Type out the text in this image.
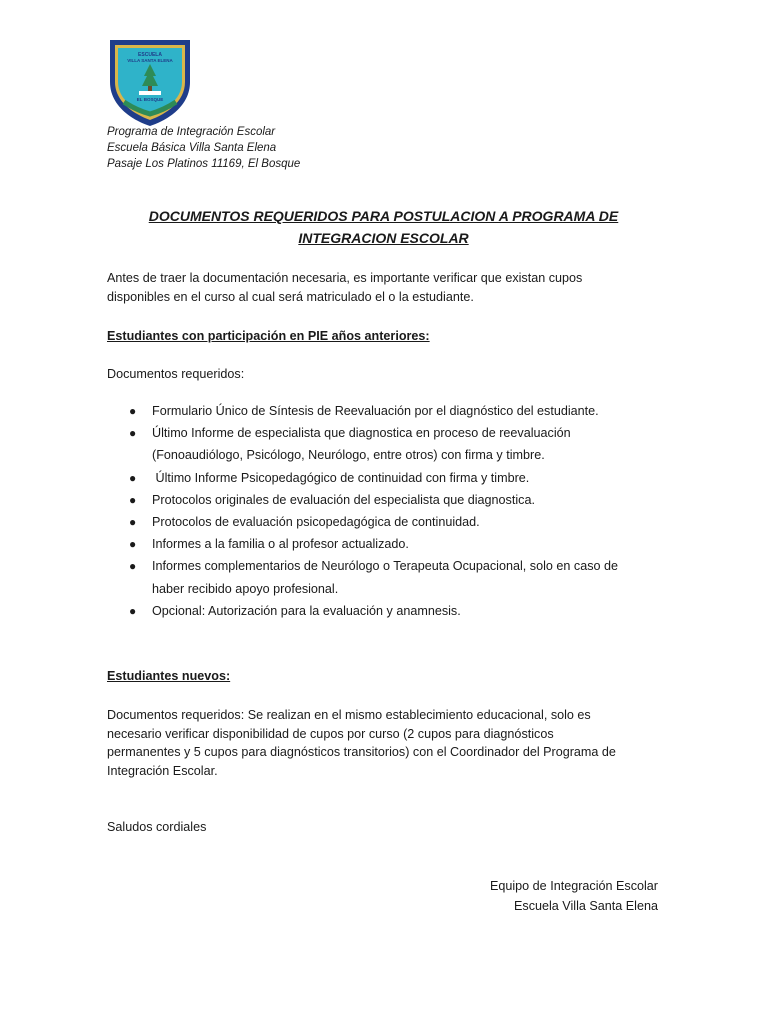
ESCUELA
VILLA SANTA ELENA
EL BOSQUE
Programa de Integración Escolar
Escuela Básica Villa Santa Elena
Pasaje Los Platinos 11169, El Bosque
DOCUMENTOS REQUERIDOS PARA POSTULACION A PROGRAMA DE
INTEGRACION ESCOLAR
Antes de traer la documentación necesaria, es importante verificar que existan cupos
disponibles en el curso al cual será matriculado el o la estudiante.
Estudiantes con participación en PIE años anteriores:
Documentos requeridos:
● Formulario Único de Síntesis de Reevaluación por el diagnóstico del estudiante.
● Último Informe de especialista que diagnostica en proceso de reevaluación
(Fonoaudiólogo, Psicólogo, Neurólogo, entre otros) con firma y timbre.
● Último Informe Psicopedagógico de continuidad con firma y timbre.
● Protocolos originales de evaluación del especialista que diagnostica.
● Protocolos de evaluación psicopedagógica de continuidad.
● Informes a la familia o al profesor actualizado.
● Informes complementarios de Neurólogo o Terapeuta Ocupacional, solo en caso de
haber recibido apoyo profesional.
● Opcional: Autorización para la evaluación y anamnesis.
Estudiantes nuevos:
Documentos requeridos: Se realizan en el mismo establecimiento educacional, solo es
necesario verificar disponibilidad de cupos por curso (2 cupos para diagnósticos
permanentes y 5 cupos para diagnósticos transitorios) con el Coordinador del Programa de
Integración Escolar.
Saludos cordiales
Equipo de Integración Escolar
Escuela Villa Santa Elena
